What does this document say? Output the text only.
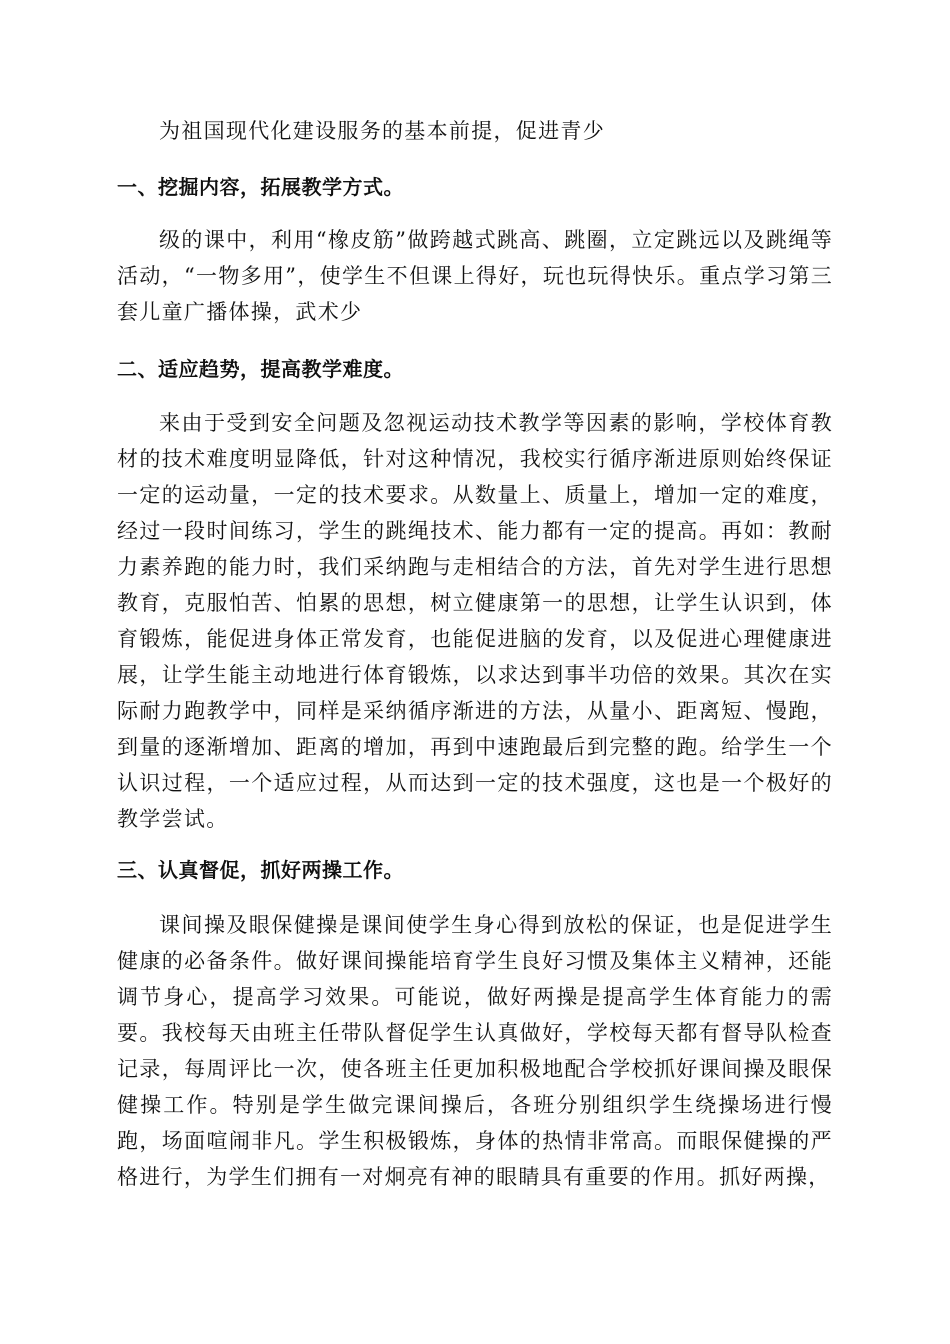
为祖国现代化建设服务的基本前提，促进青少

一、挖掘内容，拓展教学方式。

级的课中，利用“橡皮筋”做跨越式跳高、跳圈，立定跳远以及跳绳等活动，“一物多用”，使学生不但课上得好，玩也玩得快乐。重点学习第三套儿童广播体操，武术少

二、适应趋势，提高教学难度。

来由于受到安全问题及忽视运动技术教学等因素的影响，学校体育教材的技术难度明显降低，针对这种情况，我校实行循序渐进原则始终保证一定的运动量，一定的技术要求。从数量上、质量上，增加一定的难度，经过一段时间练习，学生的跳绳技术、能力都有一定的提高。再如：教耐力素养跑的能力时，我们采纳跑与走相结合的方法，首先对学生进行思想教育，克服怕苦、怕累的思想，树立健康第一的思想，让学生认识到，体育锻炼，能促进身体正常发育，也能促进脑的发育，以及促进心理健康进展，让学生能主动地进行体育锻炼，以求达到事半功倍的效果。其次在实际耐力跑教学中，同样是采纳循序渐进的方法，从量小、距离短、慢跑，到量的逐渐增加、距离的增加，再到中速跑最后到完整的跑。给学生一个认识过程，一个适应过程，从而达到一定的技术强度，这也是一个极好的教学尝试。

三、认真督促，抓好两操工作。

课间操及眼保健操是课间使学生身心得到放松的保证，也是促进学生健康的必备条件。做好课间操能培育学生良好习惯及集体主义精神，还能调节身心，提高学习效果。可能说，做好两操是提高学生体育能力的需要。我校每天由班主任带队督促学生认真做好，学校每天都有督导队检查记录，每周评比一次，使各班主任更加积极地配合学校抓好课间操及眼保健操工作。特别是学生做完课间操后，各班分别组织学生绕操场进行慢跑，场面喧闹非凡。学生积极锻炼，身体的热情非常高。而眼保健操的严格进行，为学生们拥有一对炯亮有神的眼睛具有重要的作用。抓好两操，
